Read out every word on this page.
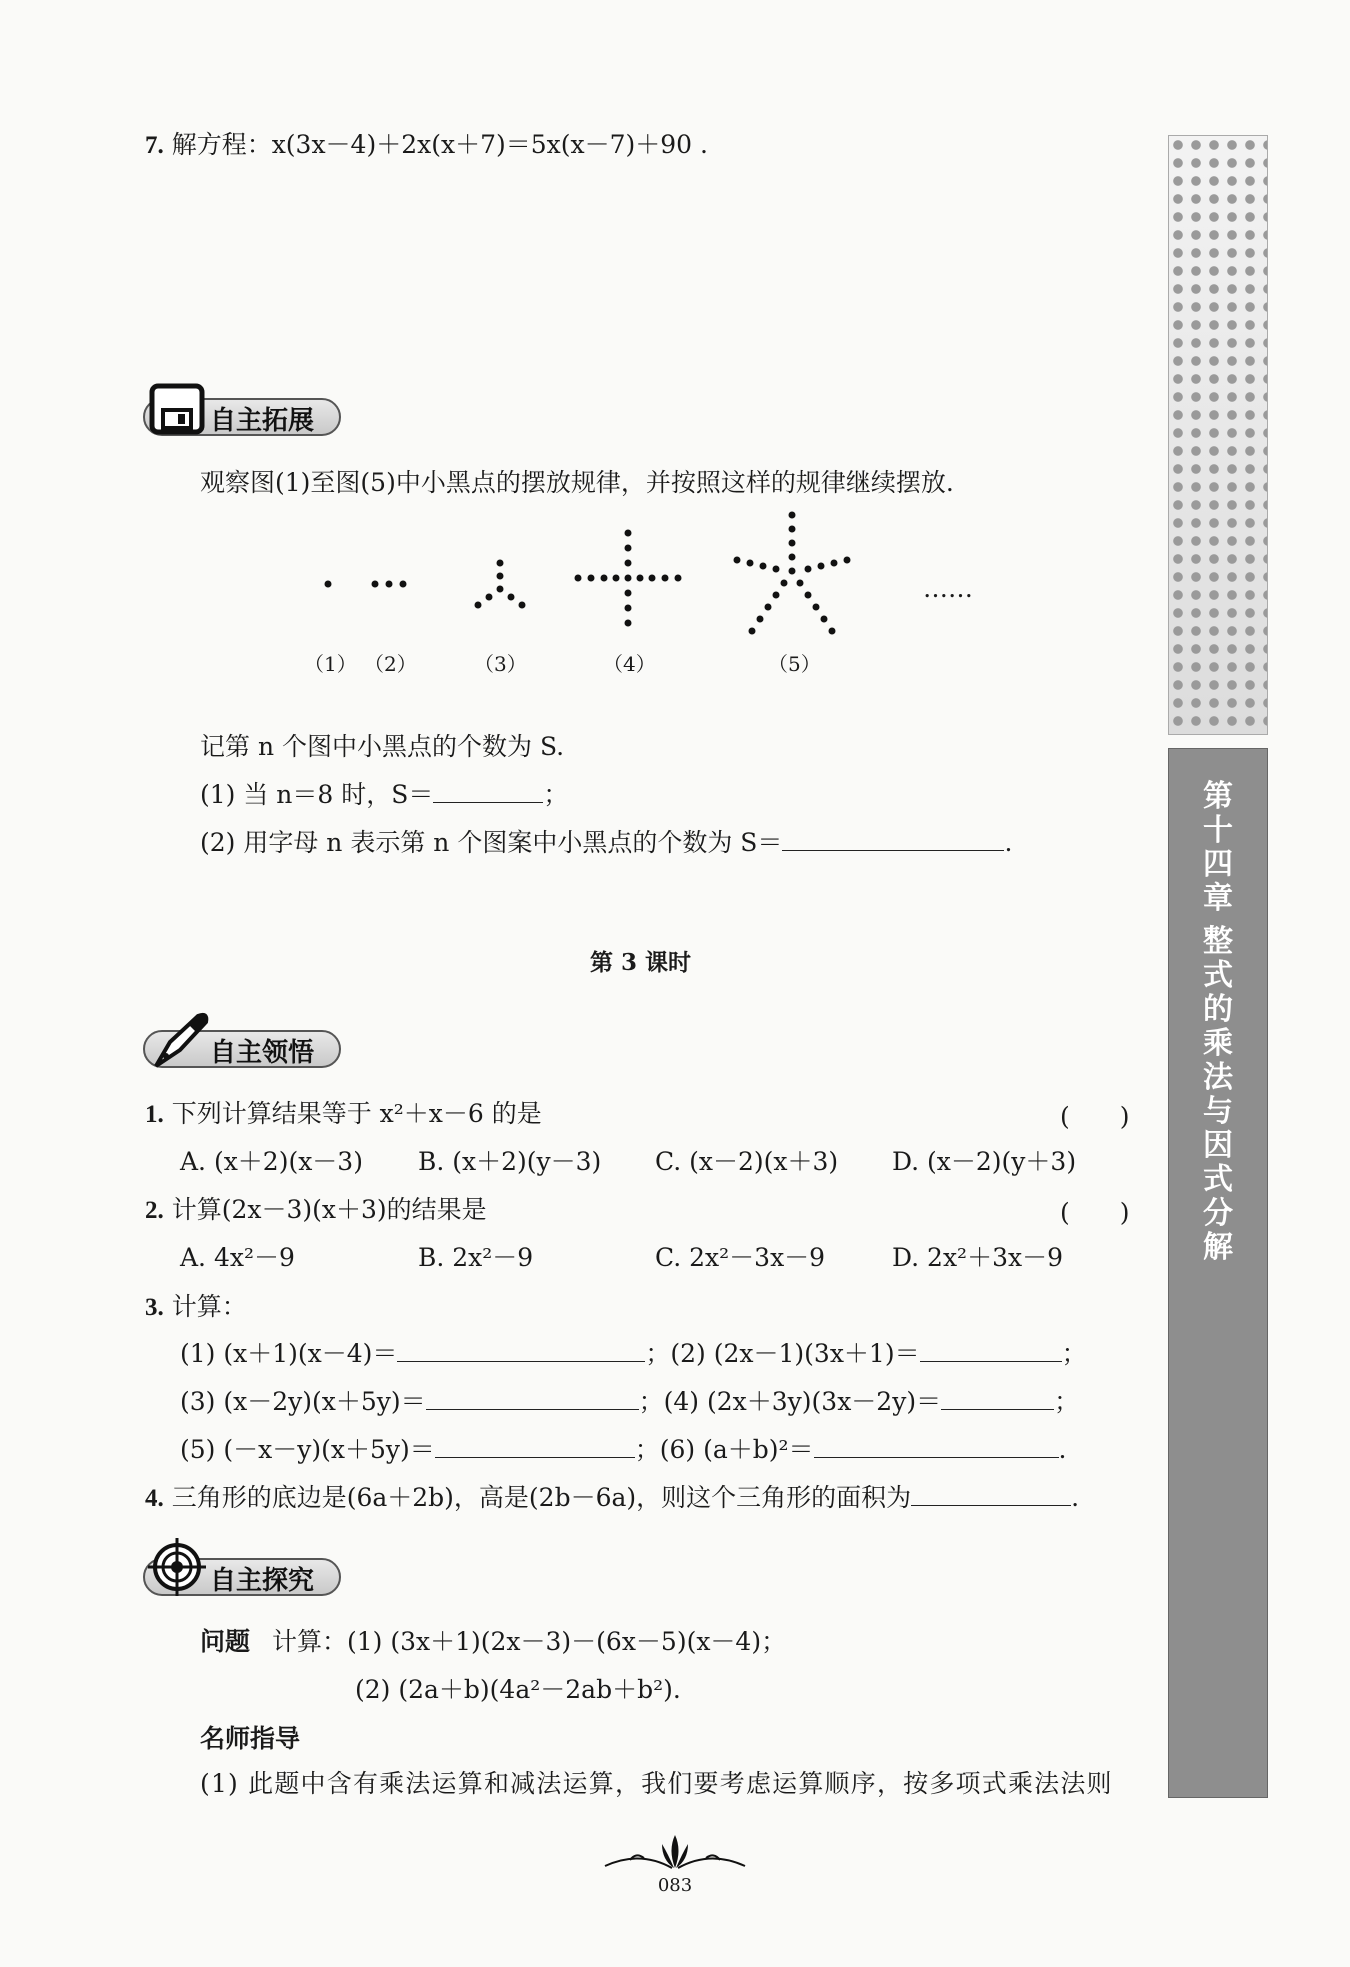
7. 解方程：x(3x－4)＋2x(x＋7)＝5x(x－7)＋90 .
自主拓展
观察图(1)至图(5)中小黑点的摆放规律，并按照这样的规律继续摆放.
……
（1） （2）	（3）	（4）	（5）
记第 n 个图中小黑点的个数为 S.
(1) 当 n＝8 时，S＝	；
(2) 用字母 n 表示第 n 个图案中小黑点的个数为 S＝	.
第 3 课时
自主领悟
1. 下列计算结果等于 x²＋x－6 的是	(　　)
A. (x＋2)(x－3) B. (x＋2)(y－3) C. (x－2)(x＋3) D. (x－2)(y＋3)
2. 计算(2x－3)(x＋3)的结果是	(　　)
A. 4x²－9	B. 2x²－9	C. 2x²－3x－9	D. 2x²＋3x－9
3. 计算：
(1) (x＋1)(x－4)＝	；(2) (2x－1)(3x＋1)＝	；
(3) (x－2y)(x＋5y)＝	；(4) (2x＋3y)(3x－2y)＝	；
(5) (－x－y)(x＋5y)＝	；(6) (a＋b)²＝	.
4. 三角形的底边是(6a＋2b)，高是(2b－6a)，则这个三角形的面积为	.
自主探究
问题 计算：(1) (3x＋1)(2x－3)－(6x－5)(x－4)；
(2) (2a＋b)(4a²－2ab＋b²).
名师指导
(1) 此题中含有乘法运算和减法运算，我们要考虑运算顺序，按多项式乘法法则
第十四章
整式的乘法与因式分解
083
